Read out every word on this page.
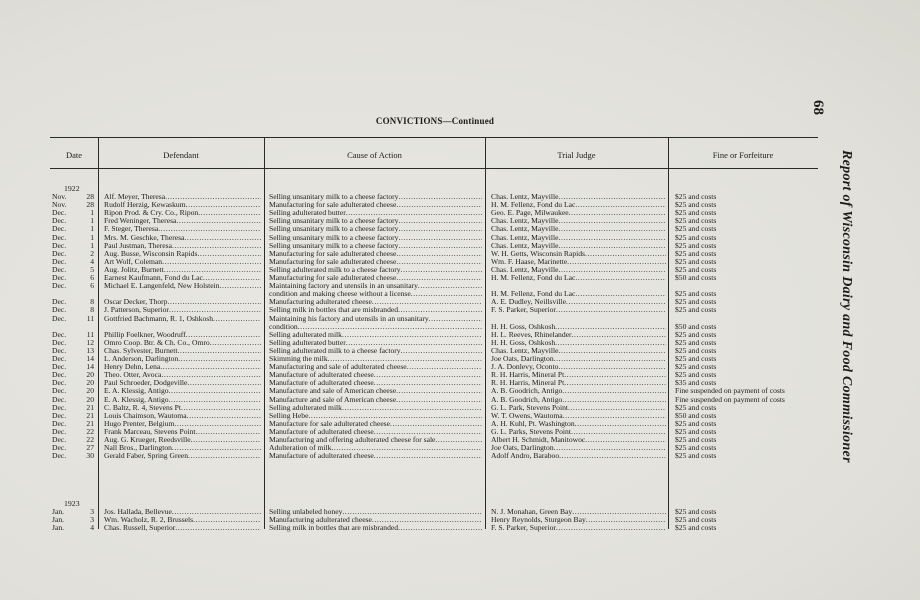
CONVICTIONS—Continued
68
Report of Wisconsin Dairy and Food Commissioner
Date	Defendant	Cause of Action	Trial Judge	Fine or Forfeiture
1922
1923
Nov.	28 Alf. Meyer, Theresa .....	Selling unsanitary milk to a cheese factory .....	Chas. Lentz, Mayville .....	$25 and costs
Nov.	28 Rudolf Herzig, Kewaskum .....	Manufacturing for sale adulterated cheese .....	H. M. Fellenz, Fond du Lac .....	$25 and costs
Dec.	1 Ripon Prod. & Cry. Co., Ripon .....	Selling adulterated butter .....	Geo. E. Page, Milwaukee .....	$25 and costs
Dec.	1 Fred Weninger, Theresa .....	Selling unsanitary milk to a cheese factory .....	Chas. Lentz, Mayville .....	$25 and costs
Dec.	1 F. Steger, Theresa .....	Selling unsanitary milk to a cheese factory .....	Chas. Lentz, Mayville .....	$25 and costs
Dec.	1 Mrs. M. Geschke, Theresa .....	Selling unsanitary milk to a cheese factory .....	Chas. Lentz, Mayville .....	$25 and costs
Dec.	1 Paul Justman, Theresa .....	Selling unsanitary milk to a cheese factory .....	Chas. Lentz, Mayville .....	$25 and costs
Dec.	2 Aug. Busse, Wisconsin Rapids .....	Manufacturing for sale adulterated cheese .....	W. H. Getts, Wisconsin Rapids .....	$25 and costs
Dec.	4 Art Wolf, Coleman .....	Manufacturing for sale adulterated cheese .....	Wm. F. Haase, Marinette .....	$25 and costs
Dec.	5 Aug. Jolitz, Burnett .....	Selling adulterated milk to a cheese factory .....	Chas. Lentz, Mayville .....	$25 and costs
Dec.	6 Earnest Kaufmann, Fond du Lac .....	Manufacturing for sale adulterated cheese .....	H. M. Fellenz, Fond du Lac .....	$50 and costs
Dec.	6 Michael E. Langenfeld, New Holstein .....	Maintaining factory and utensils in an unsanitary .....
condition and making cheese without a license .....	H. M. Fellenz, Fond du Lac .....	$25 and costs
Dec.	8 Oscar Decker, Thorp .....	Manufacturing adulterated cheese .....	A. E. Dudley, Neillsville .....	$25 and costs
Dec.	8 J. Patterson, Superior .....	Selling milk in bottles that are misbranded .....	F. S. Parker, Superior .....	$25 and costs
Dec.	11 Gottfried Bachmann, R. 1, Oshkosh .....	Maintaining his factory and utensils in an unsanitary .....
condition .....	H. H. Goss, Oshkosh .....	$50 and costs
Dec.	11 Phillip Foelkner, Woodruff .....	Selling adulterated milk .....	H. L. Reeves, Rhinelander .....	$25 and costs
Dec.	12 Omro Coop. Btr. & Ch. Co., Omro .....	Selling adulterated butter .....	H. H. Goss, Oshkosh .....	$25 and costs
Dec.	13 Chas. Sylvester, Burnett .....	Selling adulterated milk to a cheese factory .....	Chas. Lentz, Mayville .....	$25 and costs
Dec.	14 L. Anderson, Darlington .....	Skimming the milk .....	Joe Oats, Darlington .....	$25 and costs
Dec.	14 Henry Dehn, Lena .....	Manufacturing and sale of adulterated cheese .....	J. A. Donlevy, Oconto .....	$25 and costs
Dec.	20 Theo. Otter, Avoca .....	Manufacture of adulterated cheese .....	R. H. Harris, Mineral Pt .....	$25 and costs
Dec.	20 Paul Schroeder, Dodgeville .....	Manufacture of adulterated cheese .....	R. H. Harris, Mineral Pt .....	$35 and costs
Dec.	20 E. A. Klessig, Antigo .....	Manufacture and sale of American cheese .....	A. B. Goodrich, Antigo .....	Fine suspended on payment of costs
Dec.	20 E. A. Klessig, Antigo .....	Manufacture and sale of American cheese .....	A. B. Goodrich, Antigo .....	Fine suspended on payment of costs
Dec.	21 C. Baltz, R. 4, Stevens Pt .....	Selling adulterated milk .....	G. L. Park, Stevens Point .....	$25 and costs
Dec.	21 Louis Chaimson, Wautoma .....	Selling Hebe .....	W. T. Owens, Wautoma .....	$50 and costs
Dec.	21 Hugo Prenter, Belgium .....	Manufacture for sale adulterated cheese .....	A. H. Kuhl, Pt. Washington .....	$25 and costs
Dec.	22 Frank Marceau, Stevens Point .....	Manufacture of adulterated cheese .....	G. L. Parks, Stevens Point .....	$25 and costs
Dec.	22 Aug. G. Krueger, Reedsville .....	Manufacturing and offering adulterated cheese for sale .....	Albert H. Schmidt, Manitowoc .....	$25 and costs
Dec.	27 Nall Bros., Darlington .....	Adulteration of milk .....	Joe Oats, Darlington .....	$25 and costs
Dec.	30 Gerald Faber, Spring Green .....	Manufacture of adulterated cheese .....	Adolf Andro, Baraboo .....	$25 and costs
Jan.	3 Jos. Hallada, Bellevue .....	Selling unlabeled honey .....	N. J. Monahan, Green Bay .....	$25 and costs
Jan.	3 Wm. Wacholz, R. 2, Brussels .....	Manufacturing adulterated cheese .....	Henry Reynolds, Sturgeon Bay .....	$25 and costs
Jan.	4 Chas. Russell, Superior .....	Selling milk in bottles that are misbranded .....	F. S. Parker, Superior .....	$25 and costs
